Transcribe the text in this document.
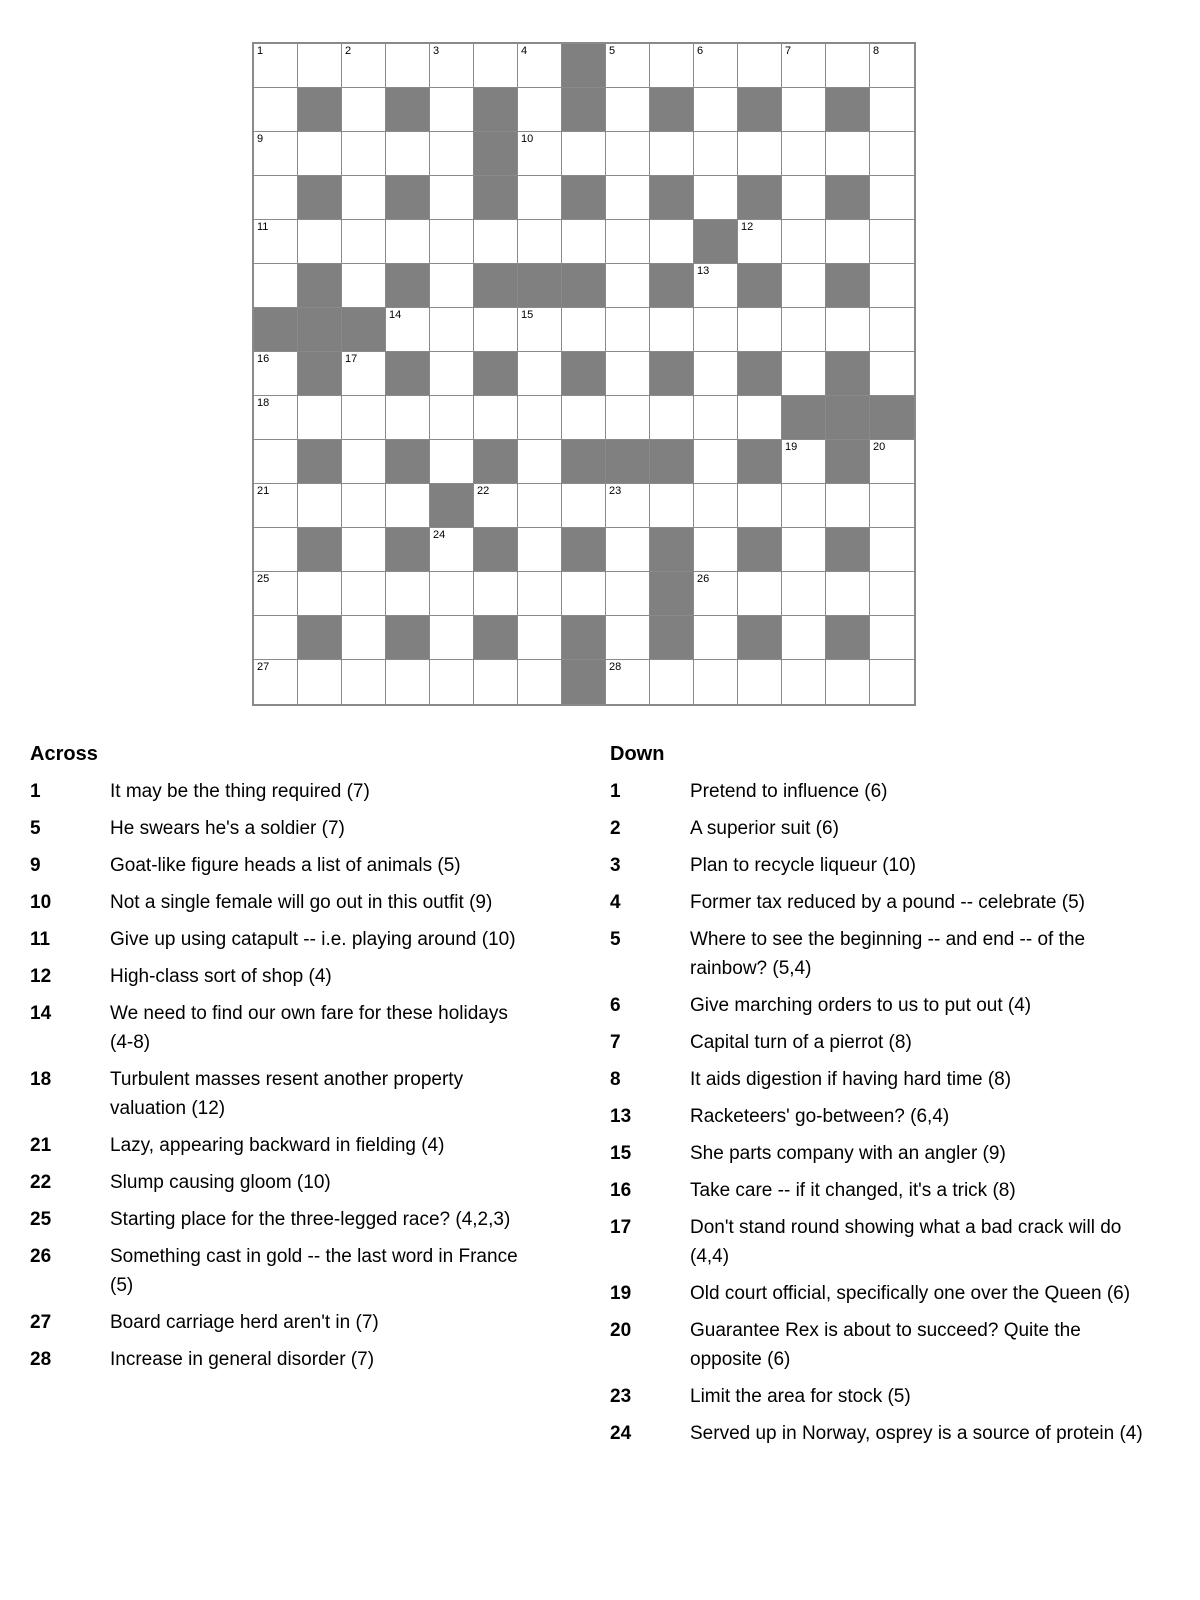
1	2	3	4	5	6	7	8
9	10
11	12
13
14	15
16	17
18
19	20
21	22	23
24
25	26
27	28
Across
1	It may be the thing required (7)
5	He swears he's a soldier (7)
9	Goat-like figure heads a list of animals (5)
10	Not a single female will go out in this outfit (9)
11	Give up using catapult -- i.e. playing around (10)
12	High-class sort of shop (4)
14	We need to find our own fare for these holidays (4-8)
18	Turbulent masses resent another property valuation (12)
21	Lazy, appearing backward in fielding (4)
22	Slump causing gloom (10)
25	Starting place for the three-legged race? (4,2,3)
26	Something cast in gold -- the last word in France (5)
27	Board carriage herd aren't in (7)
28	Increase in general disorder (7)
Down
1	Pretend to influence (6)
2	A superior suit (6)
3	Plan to recycle liqueur (10)
4	Former tax reduced by a pound -- celebrate (5)
5	Where to see the beginning -- and end -- of the rainbow? (5,4)
6	Give marching orders to us to put out (4)
7	Capital turn of a pierrot (8)
8	It aids digestion if having hard time (8)
13	Racketeers' go-between? (6,4)
15	She parts company with an angler (9)
16	Take care -- if it changed, it's a trick (8)
17	Don't stand round showing what a bad crack will do (4,4)
19	Old court official, specifically one over the Queen (6)
20	Guarantee Rex is about to succeed? Quite the opposite (6)
23	Limit the area for stock (5)
24	Served up in Norway, osprey is a source of protein (4)
